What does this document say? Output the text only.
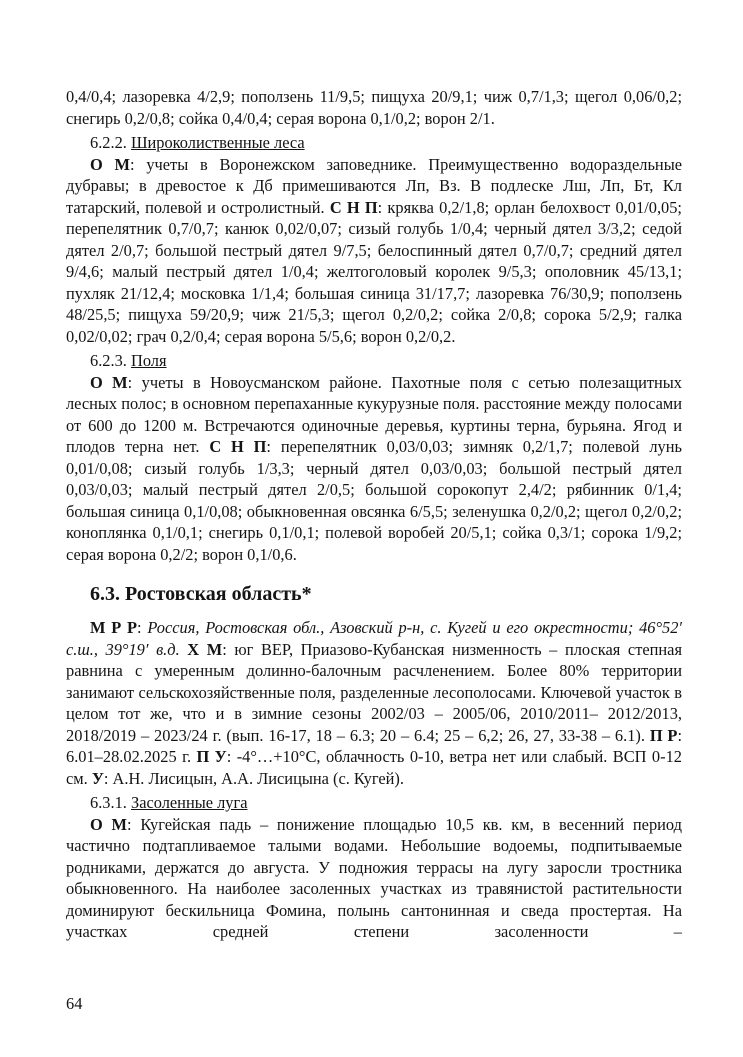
0,4/0,4; лазоревка 4/2,9; поползень 11/9,5; пищуха 20/9,1; чиж 0,7/1,3; щегол 0,06/0,2; снегирь 0,2/0,8; сойка 0,4/0,4; серая ворона 0,1/0,2; ворон 2/1.

6.2.2. Широколиственные леса

О М: учеты в Воронежском заповеднике. Преимущественно водораздельные дубравы; в древостое к Дб примешиваются Лп, Вз. В подлеске Лш, Лп, Бт, Кл татарский, полевой и остролистный. С Н П: кряква 0,2/1,8; орлан белохвост 0,01/0,05; перепелятник 0,7/0,7; канюк 0,02/0,07; сизый голубь 1/0,4; черный дятел 3/3,2; седой дятел 2/0,7; большой пестрый дятел 9/7,5; белоспинный дятел 0,7/0,7; средний дятел 9/4,6; малый пестрый дятел 1/0,4; желтоголовый королек 9/5,3; ополовник 45/13,1; пухляк 21/12,4; московка 1/1,4; большая синица 31/17,7; лазоревка 76/30,9; поползень 48/25,5; пищуха 59/20,9; чиж 21/5,3; щегол 0,2/0,2; сойка 2/0,8; сорока 5/2,9; галка 0,02/0,02; грач 0,2/0,4; серая ворона 5/5,6; ворон 0,2/0,2.

6.2.3. Поля

О М: учеты в Новоусманском районе. Пахотные поля с сетью полезащитных лесных полос; в основном перепаханные кукурузные поля. расстояние между полосами от 600 до 1200 м. Встречаются одиночные деревья, куртины терна, бурьяна. Ягод и плодов терна нет. С Н П: перепелятник 0,03/0,03; зимняк 0,2/1,7; полевой лунь 0,01/0,08; сизый голубь 1/3,3; черный дятел 0,03/0,03; большой пестрый дятел 0,03/0,03; малый пестрый дятел 2/0,5; большой сорокопут 2,4/2; рябинник 0/1,4; большая синица 0,1/0,08; обыкновенная овсянка 6/5,5; зеленушка 0,2/0,2; щегол 0,2/0,2; коноплянка 0,1/0,1; снегирь 0,1/0,1; полевой воробей 20/5,1; сойка 0,3/1; сорока 1/9,2; серая ворона 0,2/2; ворон 0,1/0,6.

6.3. Ростовская область*

М Р Р: Россия, Ростовская обл., Азовский р-н, с. Кугей и его окрестности; 46°52′ с.ш., 39°19′ в.д. Х М: юг ВЕР, Приазово-Кубанская низменность – плоская степная равнина с умеренным долинно-балочным расчленением. Более 80% территории занимают сельскохозяйственные поля, разделенные лесополосами. Ключевой участок в целом тот же, что и в зимние сезоны 2002/03 – 2005/06, 2010/2011– 2012/2013, 2018/2019 – 2023/24 г. (вып. 16-17, 18 – 6.3; 20 – 6.4; 25 – 6,2; 26, 27, 33-38 – 6.1). П Р: 6.01–28.02.2025 г. П У: -4°…+10°С, облачность 0-10, ветра нет или слабый. ВСП 0-12 см. У: А.Н. Лисицын, А.А. Лисицына (с. Кугей).

6.3.1. Засоленные луга

О М: Кугейская падь – понижение площадью 10,5 кв. км, в весенний период частично подтапливаемое талыми водами. Небольшие водоемы, подпитываемые родниками, держатся до августа. У подножия террасы на лугу заросли тростника обыкновенного. На наиболее засоленных участках из травянистой растительности доминируют бескильница Фомина, полынь сантонинная и сведа простертая. На участках средней степени засоленности –

64
